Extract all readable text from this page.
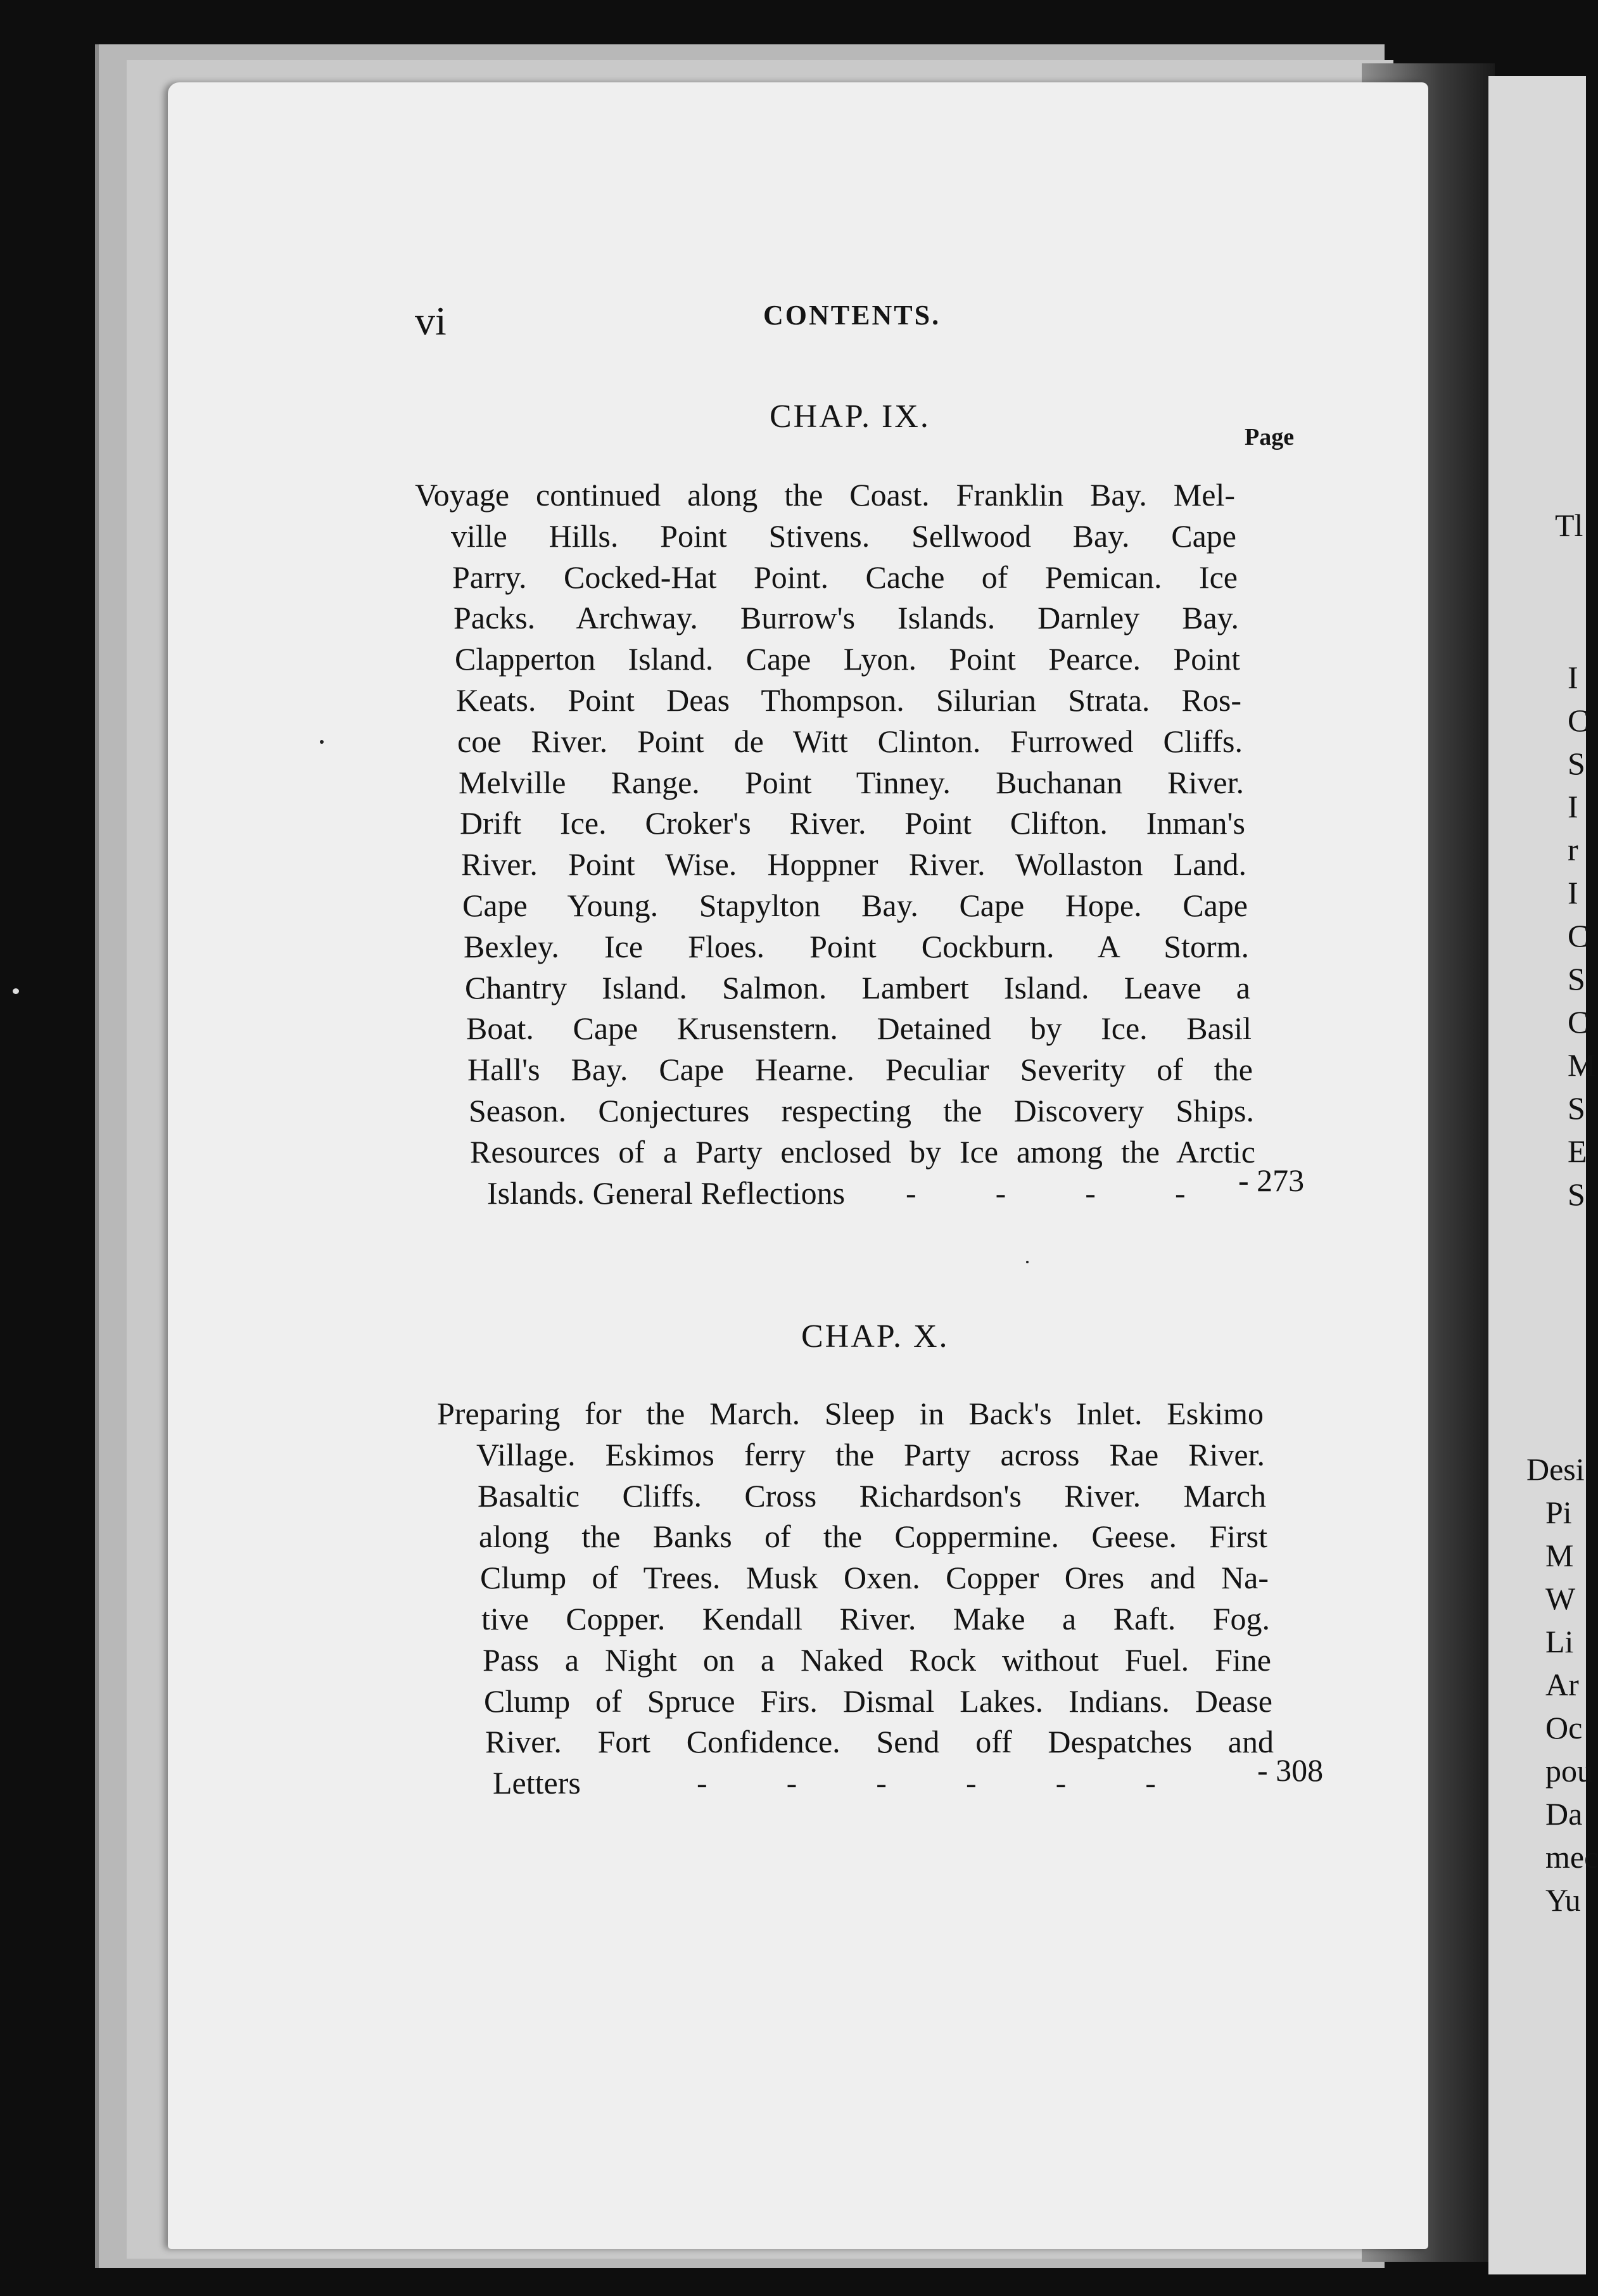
Tl
I
C
S
I
r
I
C
S
C
M
S
E
S
Desi
Pi
M
W
Li
Ar
Oc
pou
Da
mec
Yu
vi	CONTENTS.
CHAP. IX.
Page
Voyage continued along the Coast. Franklin Bay. Mel-
ville Hills. Point Stivens. Sellwood Bay. Cape
Parry. Cocked-Hat Point. Cache of Pemican. Ice
Packs. Archway. Burrow's Islands. Darnley Bay.
Clapperton Island. Cape Lyon. Point Pearce. Point
Keats. Point Deas Thompson. Silurian Strata. Ros-
coe River. Point de Witt Clinton. Furrowed Cliffs.
Melville Range. Point Tinney. Buchanan River.
Drift Ice. Croker's River. Point Clifton. Inman's
River. Point Wise. Hoppner River. Wollaston Land.
Cape Young. Stapylton Bay. Cape Hope. Cape
Bexley. Ice Floes. Point Cockburn. A Storm.
Chantry Island. Salmon. Lambert Island. Leave a
Boat. Cape Krusenstern. Detained by Ice. Basil
Hall's Bay. Cape Hearne. Peculiar Severity of the
Season. Conjectures respecting the Discovery Ships.
Resources of a Party enclosed by Ice among the Arctic
Islands. General Reflections -          -          -          - - 273
CHAP. X.
Preparing for the March. Sleep in Back's Inlet. Eskimo
Village. Eskimos ferry the Party across Rae River.
Basaltic Cliffs. Cross Richardson's River. March
along the Banks of the Coppermine. Geese. First
Clump of Trees. Musk Oxen. Copper Ores and Na-
tive Copper. Kendall River. Make a Raft. Fog.
Pass a Night on a Naked Rock without Fuel. Fine
Clump of Spruce Firs. Dismal Lakes. Indians. Dease
River. Fort Confidence. Send off Despatches and
Letters	-          -          -          -          -          -	- 308
